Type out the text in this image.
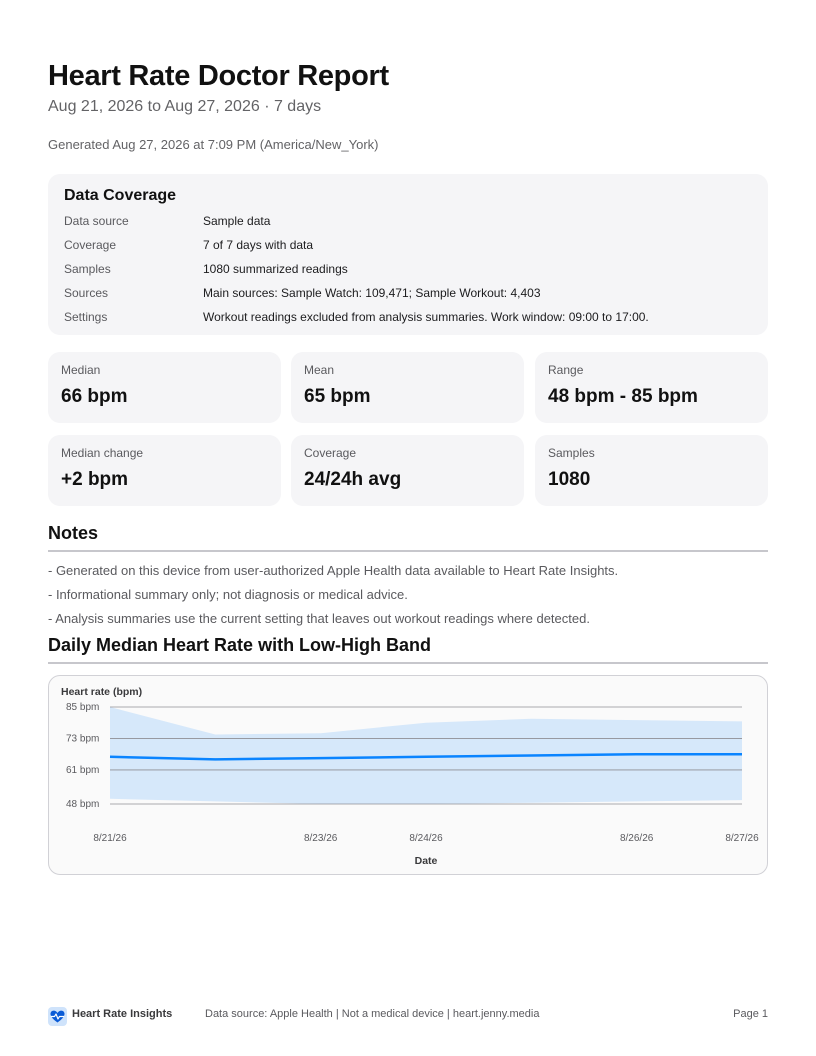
Heart Rate Doctor Report
Aug 21, 2026 to Aug 27, 2026 · 7 days
Generated Aug 27, 2026 at 7:09 PM (America/New_York)
Data Coverage
Data source	Sample data
Coverage	7 of 7 days with data
Samples	1080 summarized readings
Sources	Main sources: Sample Watch: 109,471; Sample Workout: 4,403
Settings	Workout readings excluded from analysis summaries. Work window: 09:00 to 17:00.
Median
66 bpm
Mean
65 bpm
Range
48 bpm - 85 bpm
Median change
+2 bpm
Coverage
24/24h avg
Samples
1080
Notes
- Generated on this device from user-authorized Apple Health data available to Heart Rate Insights.
- Informational summary only; not diagnosis or medical advice.
- Analysis summaries use the current setting that leaves out workout readings where detected.
Daily Median Heart Rate with Low-High Band
85 bpm
73 bpm
61 bpm
48 bpm
Heart rate (bpm)
Date
8/21/26	8/23/26	8/24/26	8/26/26	8/27/26
Heart Rate Insights	Data source: Apple Health | Not a medical device | heart.jenny.media	Page 1
